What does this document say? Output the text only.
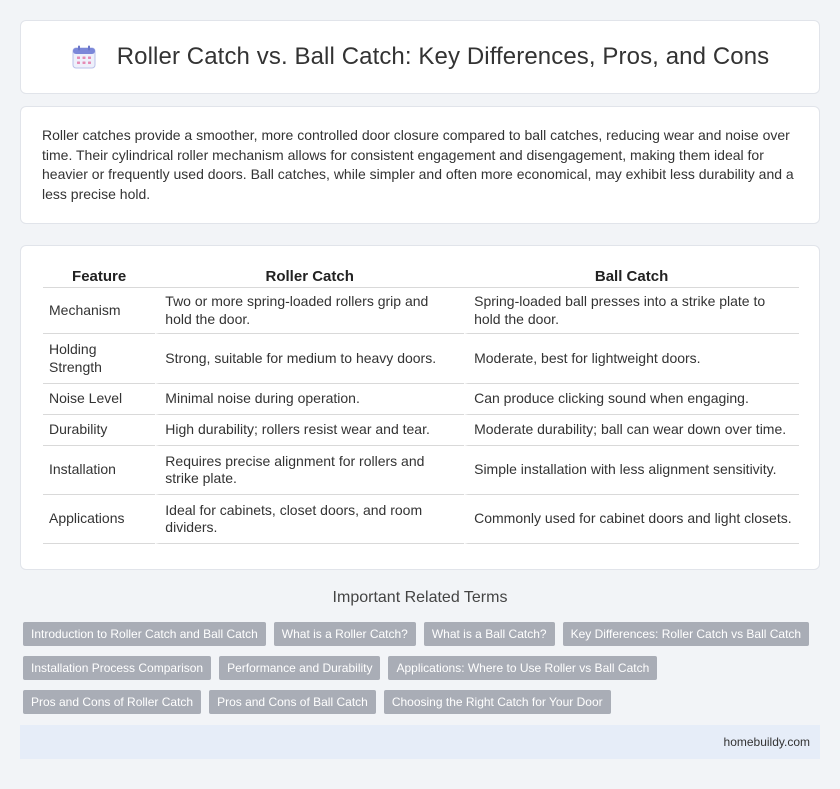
Roller Catch vs. Ball Catch: Key Differences, Pros, and Cons

Roller catches provide a smoother, more controlled door closure compared to ball catches, reducing wear and noise over time. Their cylindrical roller mechanism allows for consistent engagement and disengagement, making them ideal for heavier or frequently used doors. Ball catches, while simpler and often more economical, may exhibit less durability and a less precise hold.

Feature	Roller Catch	Ball Catch
Mechanism	Two or more spring-loaded rollers grip and hold the door.	Spring-loaded ball presses into a strike plate to hold the door.
Holding Strength	Strong, suitable for medium to heavy doors.	Moderate, best for lightweight doors.
Noise Level	Minimal noise during operation.	Can produce clicking sound when engaging.
Durability	High durability; rollers resist wear and tear.	Moderate durability; ball can wear down over time.
Installation	Requires precise alignment for rollers and strike plate.	Simple installation with less alignment sensitivity.
Applications	Ideal for cabinets, closet doors, and room dividers.	Commonly used for cabinet doors and light closets.
Important Related Terms
Introduction to Roller Catch and Ball Catch	What is a Roller Catch?	What is a Ball Catch?	Key Differences: Roller Catch vs Ball Catch
Installation Process Comparison	Performance and Durability	Applications: Where to Use Roller vs Ball Catch
Pros and Cons of Roller Catch	Pros and Cons of Ball Catch	Choosing the Right Catch for Your Door
homebuildy.com
